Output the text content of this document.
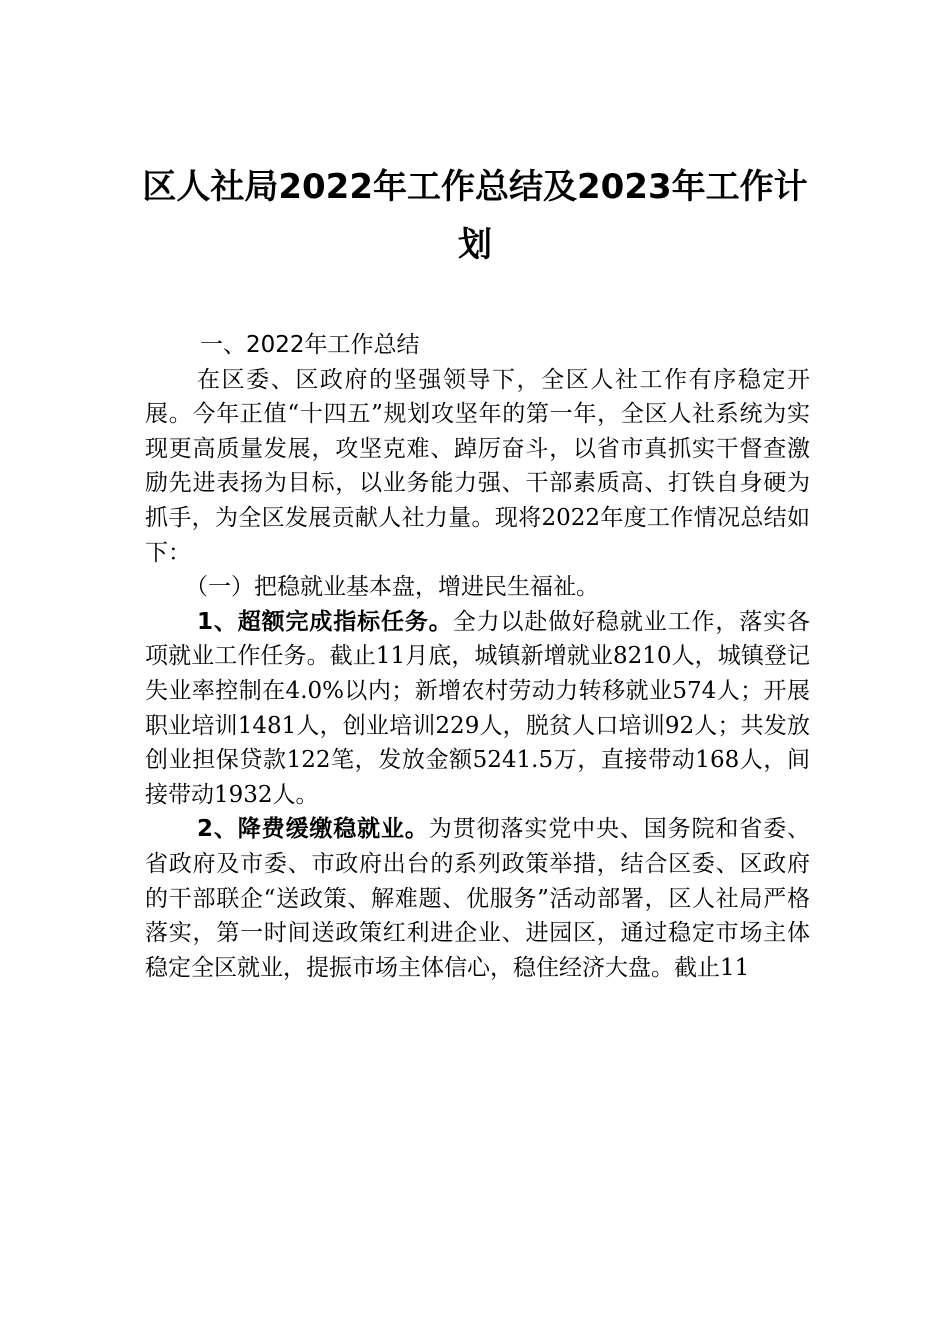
区人社局2022年工作总结及2023年工作计
划

一、2022年工作总结

在区委、区政府的坚强领导下，全区人社工作有序稳定开展。今年正值“十四五”规划攻坚年的第一年，全区人社系统为实现更高质量发展，攻坚克难、踔厉奋斗，以省市真抓实干督查激励先进表扬为目标，以业务能力强、干部素质高、打铁自身硬为抓手，为全区发展贡献人社力量。现将2022年度工作情况总结如下：

（一）把稳就业基本盘，增进民生福祉。

1、超额完成指标任务。全力以赴做好稳就业工作，落实各项就业工作任务。截止11月底，城镇新增就业8210人，城镇登记失业率控制在4.0%以内；新增农村劳动力转移就业574人；开展职业培训1481人，创业培训229人，脱贫人口培训92人；共发放创业担保贷款122笔，发放金额5241.5万，直接带动168人，间接带动1932人。

2、降费缓缴稳就业。为贯彻落实党中央、国务院和省委、省政府及市委、市政府出台的系列政策举措，结合区委、区政府的干部联企“送政策、解难题、优服务”活动部署，区人社局严格落实，第一时间送政策红利进企业、进园区，通过稳定市场主体稳定全区就业，提振市场主体信心，稳住经济大盘。截止11
